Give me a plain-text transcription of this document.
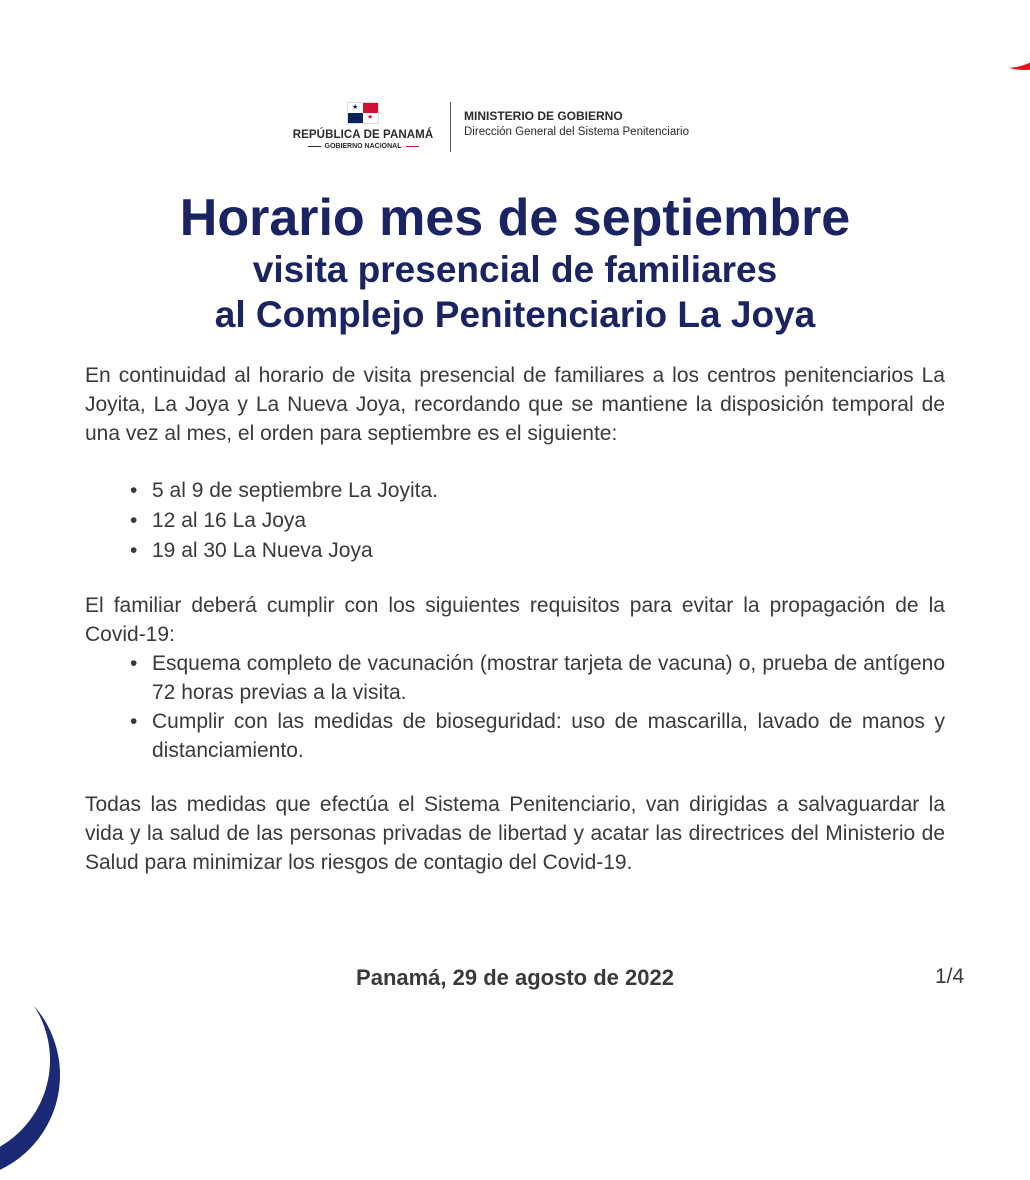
★
★
REPÚBLICA DE PANAMÁ
GOBIERNO NACIONAL
MINISTERIO DE GOBIERNO
Dirección General del Sistema Penitenciario
Horario mes de septiembre
visita presencial de familiares
al Complejo Penitenciario La Joya
En continuidad al horario de visita presencial de familiares a los centros penitenciarios La Joyita, La Joya y La Nueva Joya, recordando que se mantiene la disposición temporal de una vez al mes, el orden para septiembre es el siguiente:
• 5 al 9 de septiembre La Joyita.
• 12 al 16 La Joya
• 19 al 30 La Nueva Joya
El familiar deberá cumplir con los siguientes requisitos para evitar la propagación de la Covid-19:
• Esquema completo de vacunación (mostrar tarjeta de vacuna) o, prueba de antígeno 72 horas previas a la visita.
• Cumplir con las medidas de bioseguridad: uso de mascarilla, lavado de manos y distanciamiento.
Todas las medidas que efectúa el Sistema Penitenciario, van dirigidas a salvaguardar la vida y la salud de las personas privadas de libertad y acatar las directrices del Ministerio de Salud para minimizar los riesgos de contagio del Covid-19.
Panamá, 29 de agosto de 2022	1/4
